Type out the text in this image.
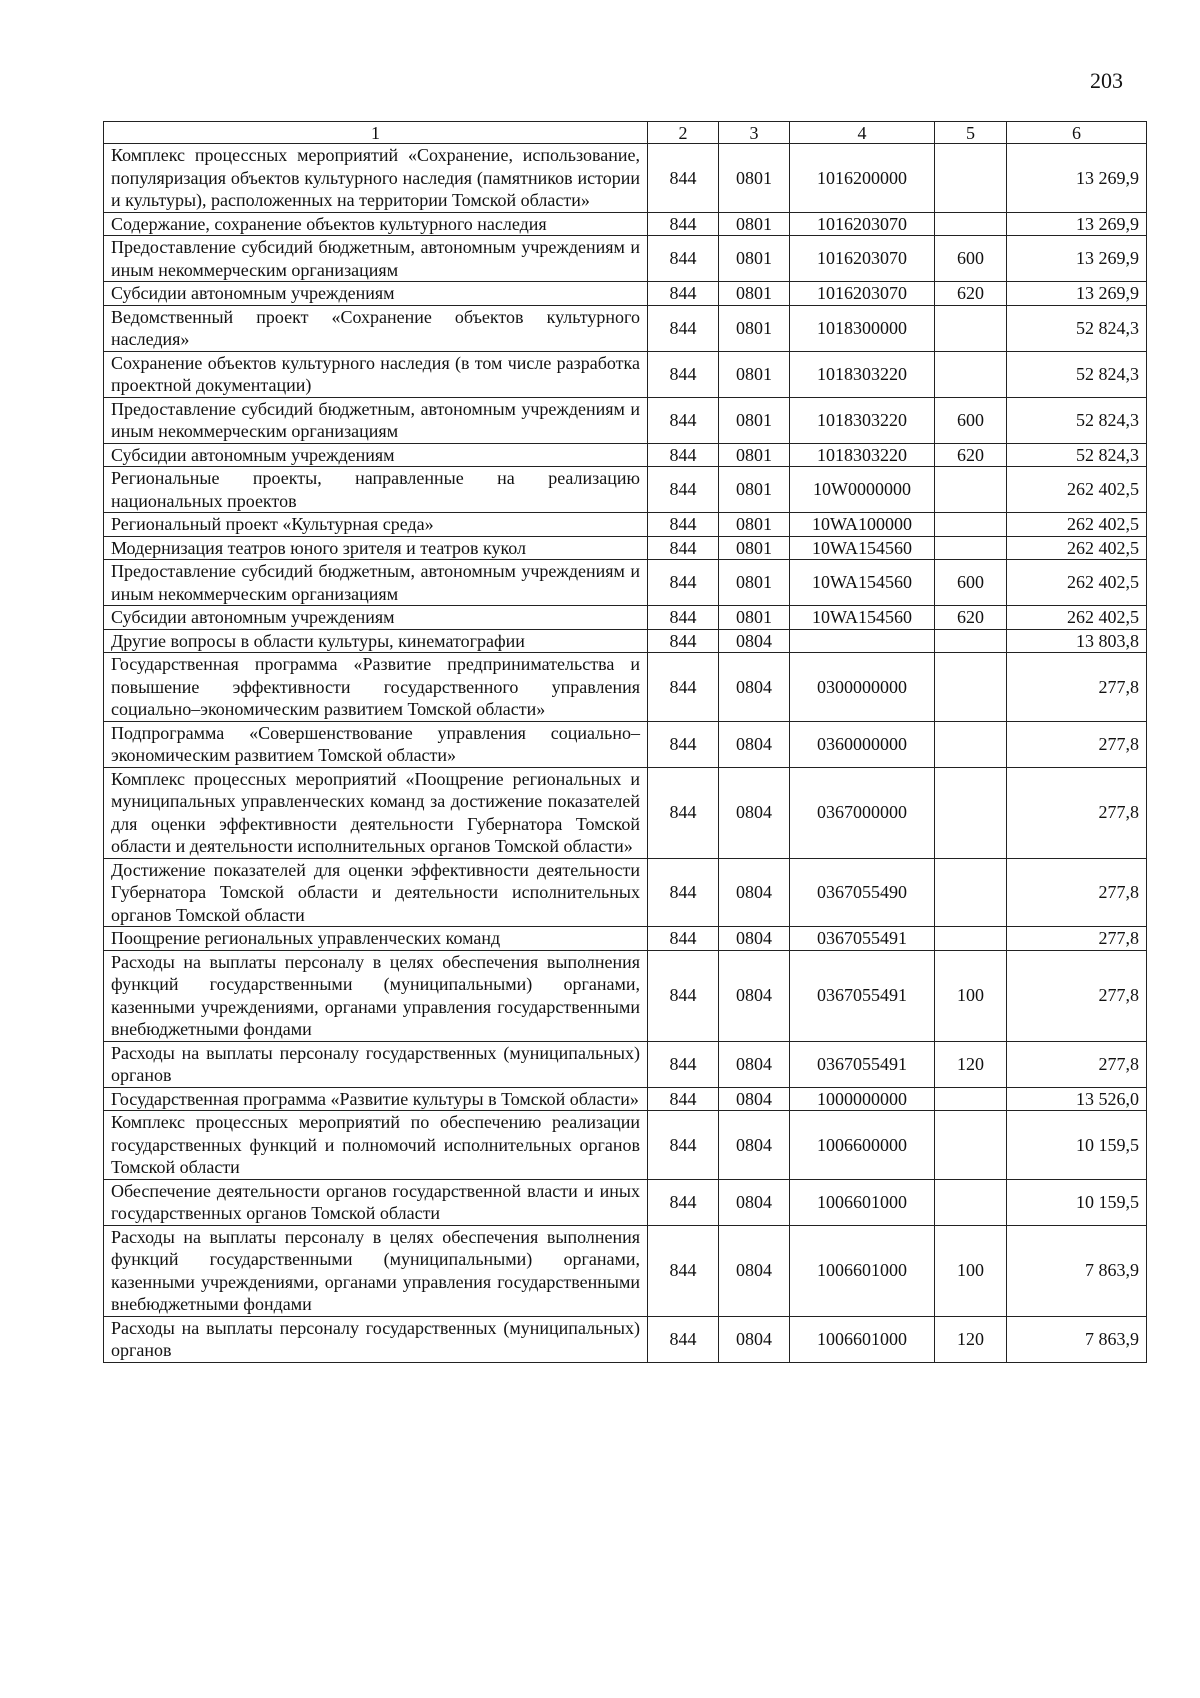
203
1	2	3	4	5	6
Комплекс процессных мероприятий «Сохранение, использование, популяризация объектов культурного наследия (памятников истории и культуры), расположенных на территории Томской области»	844	0801	1016200000		13 269,9
Содержание, сохранение объектов культурного наследия	844	0801	1016203070		13 269,9
Предоставление субсидий бюджетным, автономным учреждениям и иным некоммерческим организациям	844	0801	1016203070	600	13 269,9
Субсидии автономным учреждениям	844	0801	1016203070	620	13 269,9
Ведомственный проект «Сохранение объектов культурного наследия»	844	0801	1018300000		52 824,3
Сохранение объектов культурного наследия (в том числе разработка проектной документации)	844	0801	1018303220		52 824,3
Предоставление субсидий бюджетным, автономным учреждениям и иным некоммерческим организациям	844	0801	1018303220	600	52 824,3
Субсидии автономным учреждениям	844	0801	1018303220	620	52 824,3
Региональные проекты, направленные на реализацию национальных проектов	844	0801	10W0000000		262 402,5
Региональный проект «Культурная среда»	844	0801	10WA100000		262 402,5
Модернизация театров юного зрителя и театров кукол	844	0801	10WA154560		262 402,5
Предоставление субсидий бюджетным, автономным учреждениям и иным некоммерческим организациям	844	0801	10WA154560	600	262 402,5
Субсидии автономным учреждениям	844	0801	10WA154560	620	262 402,5
Другие вопросы в области культуры, кинематографии	844	0804			13 803,8
Государственная программа «Развитие предпринимательства и повышение эффективности государственного управления социально–экономическим развитием Томской области»	844	0804	0300000000		277,8
Подпрограмма «Совершенствование управления социально–экономическим развитием Томской области»	844	0804	0360000000		277,8
Комплекс процессных мероприятий «Поощрение региональных и муниципальных управленческих команд за достижение показателей для оценки эффективности деятельности Губернатора Томской области и деятельности исполнительных органов Томской области»	844	0804	0367000000		277,8
Достижение показателей для оценки эффективности деятельности Губернатора Томской области и деятельности исполнительных органов Томской области	844	0804	0367055490		277,8
Поощрение региональных управленческих команд	844	0804	0367055491		277,8
Расходы на выплаты персоналу в целях обеспечения выполнения функций государственными (муниципальными) органами, казенными учреждениями, органами управления государственными внебюджетными фондами	844	0804	0367055491	100	277,8
Расходы на выплаты персоналу государственных (муниципальных) органов	844	0804	0367055491	120	277,8
Государственная программа «Развитие культуры в Томской области»	844	0804	1000000000		13 526,0
Комплекс процессных мероприятий по обеспечению реализации государственных функций и полномочий исполнительных органов Томской области	844	0804	1006600000		10 159,5
Обеспечение деятельности органов государственной власти и иных государственных органов Томской области	844	0804	1006601000		10 159,5
Расходы на выплаты персоналу в целях обеспечения выполнения функций государственными (муниципальными) органами, казенными учреждениями, органами управления государственными внебюджетными фондами	844	0804	1006601000	100	7 863,9
Расходы на выплаты персоналу государственных (муниципальных) органов	844	0804	1006601000	120	7 863,9
